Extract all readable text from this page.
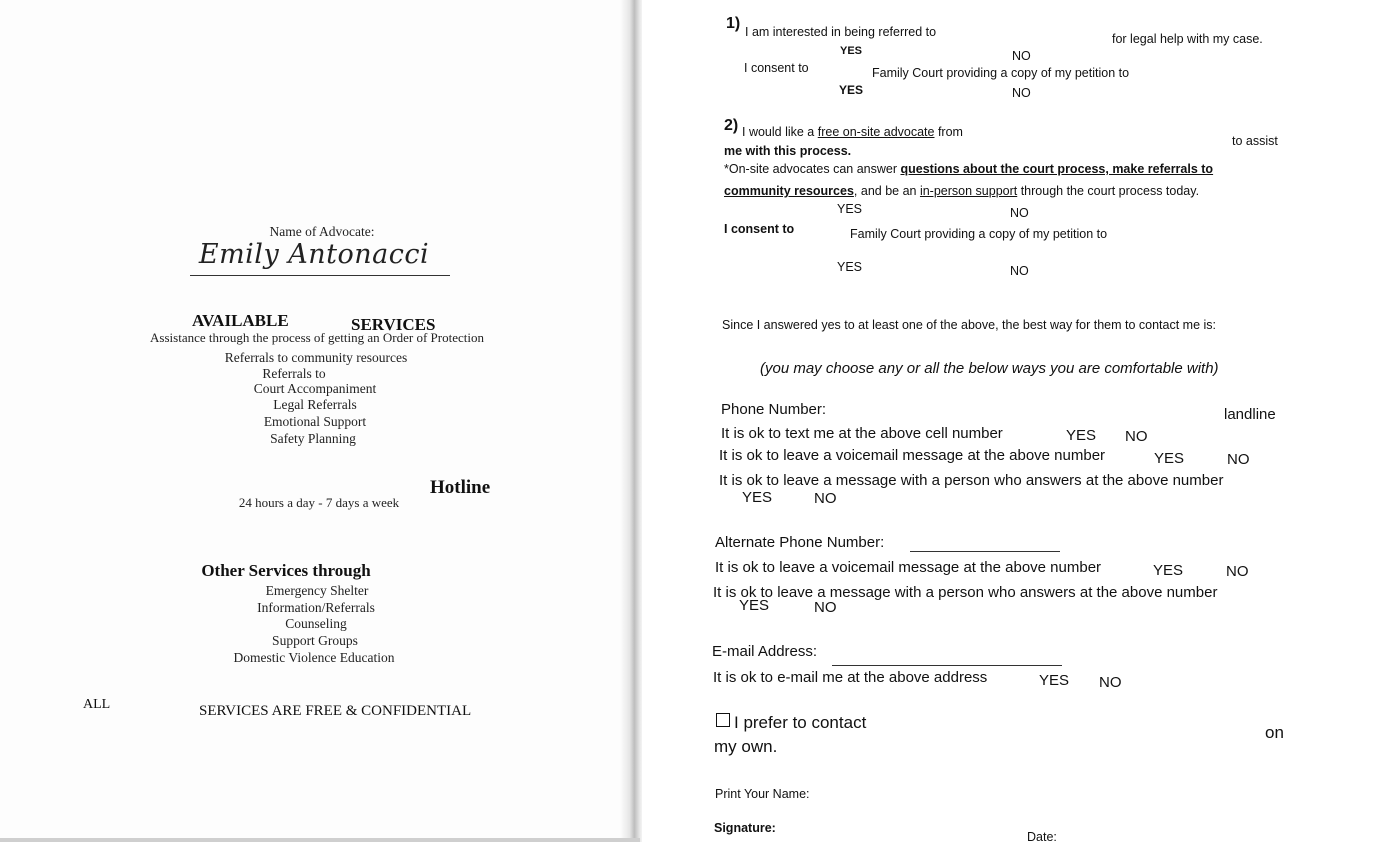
Name of Advocate:
Emily Antonacci
AVAILABLE	SERVICES
Assistance through the process of getting an Order of Protection
Referrals to community resources
Referrals to
Court Accompaniment
Legal Referrals
Emotional Support
Safety Planning
Hotline
24 hours a day - 7 days a week
Other Services through
Emergency Shelter
Information/Referrals
Counseling
Support Groups
Domestic Violence Education
ALL	SERVICES ARE FREE & CONFIDENTIAL
1) I am interested in being referred to	for legal help with my case.
YES	NO
I consent to	Family Court providing a copy of my petition to
YES	NO
2) I would like a free on-site advocate from
to assist
me with this process.
*On-site advocates can answer questions about the court process, make referrals to
community resources, and be an in-person support through the court process today.
YES	NO
I consent to	Family Court providing a copy of my petition to
YES	NO
Since I answered yes to at least one of the above, the best way for them to contact me is:
(you may choose any or all the below ways you are comfortable with)
Phone Number:	landline
It is ok to text me at the above cell number	YES NO
It is ok to leave a voicemail message at the above number	YES	NO
It is ok to leave a message with a person who answers at the above number
YES	NO
Alternate Phone Number:
It is ok to leave a voicemail message at the above number	YES	NO
It is ok to leave a message with a person who answers at the above number
YES	NO
E-mail Address:
It is ok to e-mail me at the above address	YES NO
I prefer to contact
on
my own.
Print Your Name:
Signature:
Date:
